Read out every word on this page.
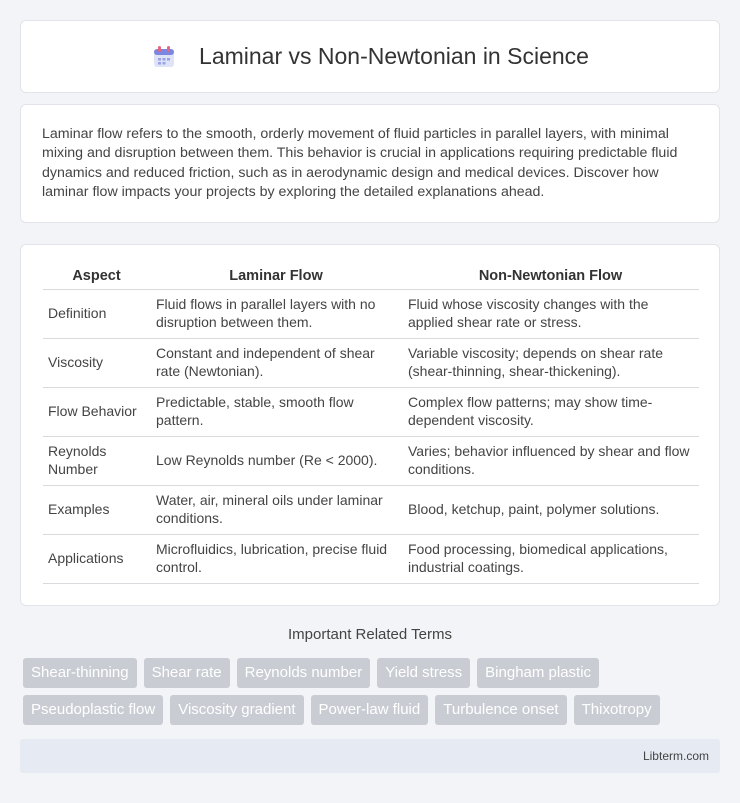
Laminar vs Non-Newtonian in Science

Laminar flow refers to the smooth, orderly movement of fluid particles in parallel layers, with minimal mixing and disruption between them. This behavior is crucial in applications requiring predictable fluid dynamics and reduced friction, such as in aerodynamic design and medical devices. Discover how laminar flow impacts your projects by exploring the detailed explanations ahead.

Aspect	Laminar Flow	Non-Newtonian Flow
Definition	Fluid flows in parallel layers with no disruption between them.	Fluid whose viscosity changes with the applied shear rate or stress.
Viscosity	Constant and independent of shear rate (Newtonian).	Variable viscosity; depends on shear rate (shear-thinning, shear-thickening).
Flow Behavior	Predictable, stable, smooth flow pattern.	Complex flow patterns; may show time-dependent viscosity.
Reynolds Number	Low Reynolds number (Re < 2000).	Varies; behavior influenced by shear and flow conditions.
Examples	Water, air, mineral oils under laminar conditions.	Blood, ketchup, paint, polymer solutions.
Applications	Microfluidics, lubrication, precise fluid control.	Food processing, biomedical applications, industrial coatings.
Important Related Terms
Shear-thinning	Shear rate	Reynolds number	Yield stress	Bingham plastic
Pseudoplastic flow	Viscosity gradient	Power-law fluid	Turbulence onset	Thixotropy
Libterm.com
